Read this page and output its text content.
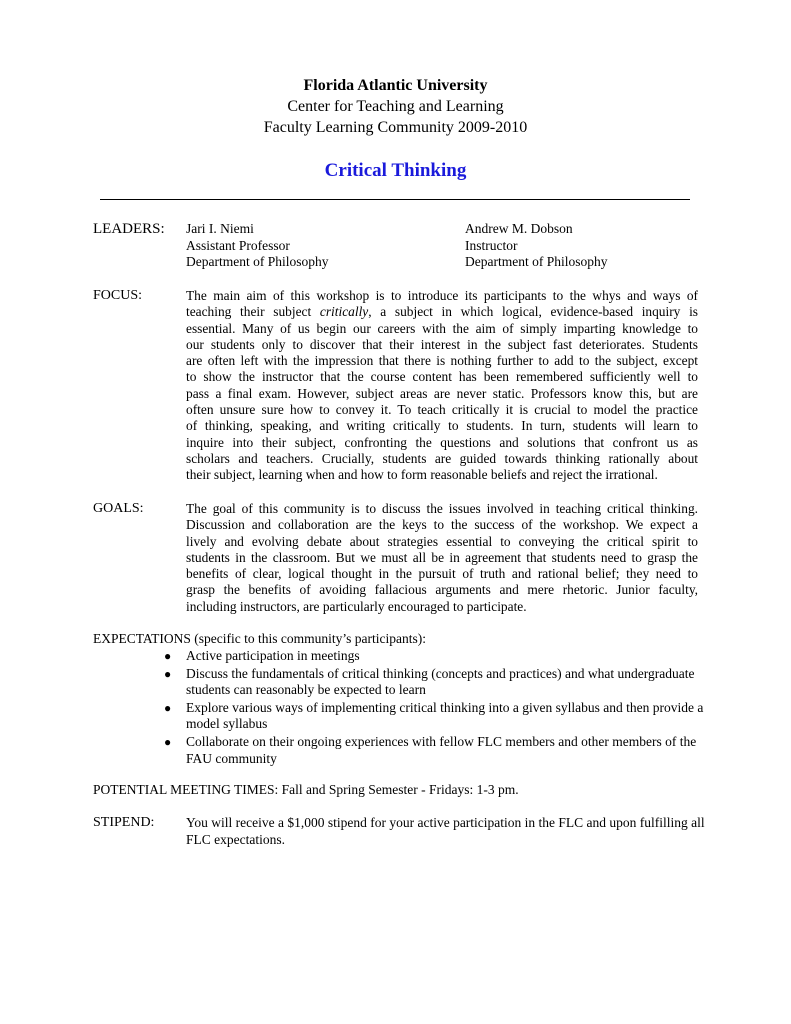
Florida Atlantic University
Center for Teaching and Learning
Faculty Learning Community 2009-2010
Critical Thinking
LEADERS: Jari I. Niemi
Assistant Professor
Department of Philosophy
Andrew M. Dobson
Instructor
Department of Philosophy
FOCUS:	The main aim of this workshop is to introduce its participants to the whys and ways of
teaching their subject critically, a subject in which logical, evidence-based inquiry is
essential. Many of us begin our careers with the aim of simply imparting knowledge to
our students only to discover that their interest in the subject fast deteriorates. Students
are often left with the impression that there is nothing further to add to the subject, except
to show the instructor that the course content has been remembered sufficiently well to
pass a final exam. However, subject areas are never static. Professors know this, but are
often unsure sure how to convey it. To teach critically it is crucial to model the practice
of thinking, speaking, and writing critically to students. In turn, students will learn to
inquire into their subject, confronting the questions and solutions that confront us as
scholars and teachers. Crucially, students are guided towards thinking rationally about
their subject, learning when and how to form reasonable beliefs and reject the irrational.
GOALS:	The goal of this community is to discuss the issues involved in teaching critical thinking.
Discussion and collaboration are the keys to the success of the workshop. We expect a
lively and evolving debate about strategies essential to conveying the critical spirit to
students in the classroom. But we must all be in agreement that students need to grasp the
benefits of clear, logical thought in the pursuit of truth and rational belief; they need to
grasp the benefits of avoiding fallacious arguments and mere rhetoric. Junior faculty,
including instructors, are particularly encouraged to participate.
EXPECTATIONS (specific to this community’s participants):
● Active participation in meetings
● Discuss the fundamentals of critical thinking (concepts and practices) and what undergraduate students can reasonably be expected to learn
● Explore various ways of implementing critical thinking into a given syllabus and then provide a model syllabus
● Collaborate on their ongoing experiences with fellow FLC members and other members of the FAU community
POTENTIAL MEETING TIMES: Fall and Spring Semester - Fridays: 1-3 pm.
STIPEND: You will receive a $1,000 stipend for your active participation in the FLC and upon fulfilling all FLC expectations.
